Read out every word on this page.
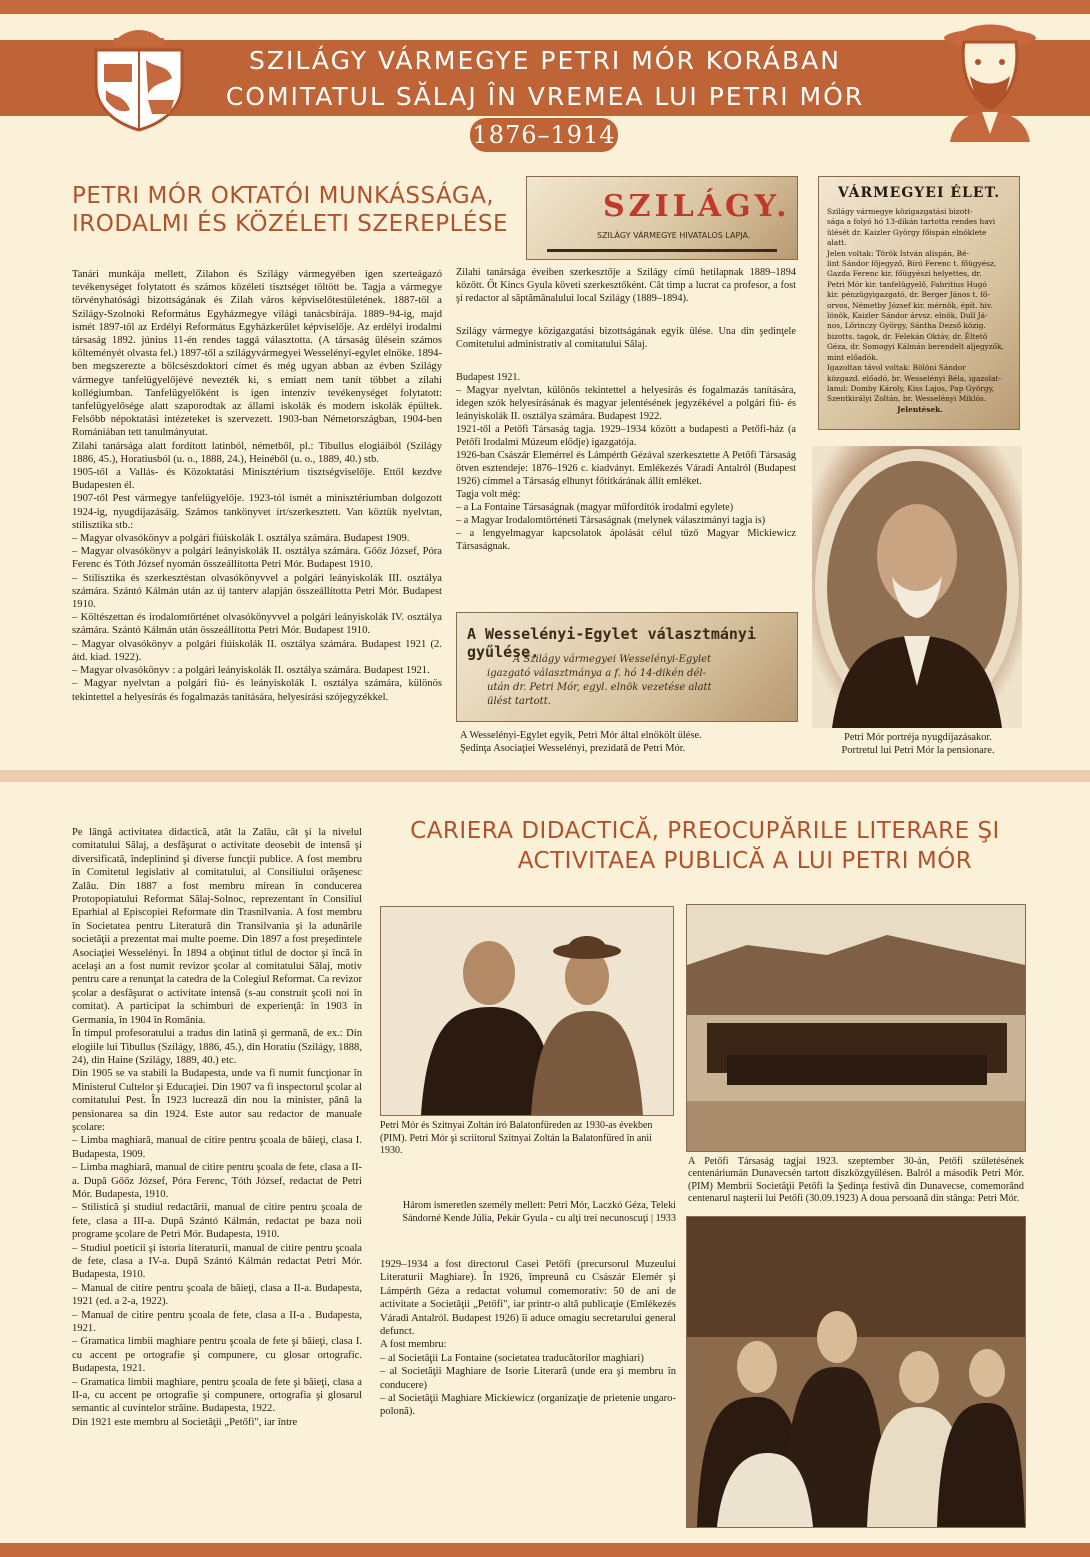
SZILÁGY VÁRMEGYE PETRI MÓR KORÁBAN
COMITATUL SĂLAJ ÎN VREMEA LUI PETRI MÓR
1876–1914
PETRI MÓR OKTATÓI MUNKÁSSÁGA,
IRODALMI ÉS KÖZÉLETI SZEREPLÉSE

Tanári munkája mellett, Zilahon és Szilágy vármegyében igen szerteágazó tevékenységet folytatott és számos közéleti tisztséget töltött be. Tagja a vármegye törvényhatósági bizottságának és Zilah város képviselőtestületének. 1887-től a Szilágy-Szolnoki Református Egyházmegye világi tanácsbírája. 1889–94-ig, majd ismét 1897-től az Erdélyi Református Egyházkerület képviselője. Az erdélyi irodalmi társaság 1892. június 11-én rendes taggá választotta. (A társaság ülésein számos költeményét olvasta fel.) 1897-től a szilágyvármegyei Wesselényi-egylet elnöke. 1894-ben megszerezte a bölcsészdoktori címet és még ugyan abban az évben Szilágy vármegye tanfelügyelőjévé nevezték ki, s emiatt nem tanít többet a zilahi kollégiumban. Tanfelügyelőként is igen intenzív tevékenységet folytatott: tanfelügyelősége alatt szaporodtak az állami iskolák és modern iskolák épültek. Felsőbb népoktatási intézeteket is szervezett. 1903-ban Németországban, 1904-ben Romániában tett tanulmányutat.

Zilahi tanársága alatt fordított latinból, németből, pl.: Tibullus elogiáiból (Szilágy 1886, 45.), Horatiusból (u. o., 1888, 24.), Heinéből (u. o., 1889, 40.) stb.

1905-től a Vallás- és Közoktatási Minisztérium tisztségviselője. Ettől kezdve Budapesten él.

1907-től Pest vármegye tanfelügyelője. 1923-tól ismét a minisztériumban dolgozott 1924-ig, nyugdíjazásáig. Számos tankönyvet írt/szerkesztett. Van köztük nyelvtan, stilisztika stb.:

– Magyar olvasókönyv a polgári fiúiskolák I. osztálya számára. Budapest 1909.

– Magyar olvasókönyv a polgári leányiskolák II. osztálya számára. Gőőz József, Póra Ferenc és Tóth József nyomán összeállította Petri Mór. Budapest 1910.

– Stilisztika és szerkesztéstan olvasókönyvvel a polgári leányiskolák III. osztálya számára. Szántó Kálmán után az új tanterv alapján összeállította Petri Mór. Budapest 1910.

– Költészettan és irodalomtörténet olvasókönyvvel a polgári leányiskolák IV. osztálya számára. Szántó Kálmán után összeállította Petri Mór. Budapest 1910.

– Magyar olvasókönyv a polgári fiúiskolák II. osztálya számára. Budapest 1921 (2. átd. kiad. 1922).

– Magyar olvasókönyv : a polgári leányiskolák II. osztálya számára. Budapest 1921.

– Magyar nyelvtan a polgári fiú- és leányiskolák I. osztálya számára, különös tekintettel a helyesírás és fogalmazás tanítására, helyesírási szójegyzékkel.

SZILÁGY.
SZILÁGY VÁRMEGYE HIVATALOS LAPJA.

Zilahi tanársága éveiben szerkesztője a Szilágy című hetilapnak 1889–1894 között. Őt Kincs Gyula követi szerkesztőként. Cât timp a lucrat ca profesor, a fost şi redactor al săptămânalului local Szilágy (1889–1894).

Szilágy vármegye közigazgatási bizottságának egyik ülése. Una din şedinţele Comitetului administrativ al comitatului Sălaj.

Budapest 1921.

– Magyar nyelvtan, különös tekintettel a helyesírás és fogalmazás tanítására, idegen szók helyesírásának és magyar jelentésének jegyzékével a polgári fiú- és leányiskolák II. osztálya számára. Budapest 1922.

1921-től a Petőfi Társaság tagja. 1929–1934 között a budapesti a Petőfi-ház (a Petőfi Irodalmi Múzeum elődje) igazgatója.

1926-ban Császár Elemérrel és Lámpérth Gézával szerkesztette A Petőfi Társaság ötven esztendeje: 1876–1926 c. kiadványt. Emlékezés Váradi Antalról (Budapest 1926) címmel a Társaság elhunyt főtitkárának állít emléket.

Tagja volt még:

– a La Fontaine Társaságnak (magyar műfordítók irodalmi egylete)

– a Magyar Irodalomtörténeti Társaságnak (melynek választmányi tagja is)

– a lengyelmagyar kapcsolatok ápolását célul tűző Magyar Mickiewicz Társaságnak.

VÁRMEGYEI ÉLET.
Szilágy vármegye közigazgatási bizott-
sága a folyó hó 13-dikán tartotta rendes havi
ülését dr. Kaizler György főispán elnöklete
alatt.
Jelen voltak: Török István alispán, Bé-
lint Sándor főjegyző, Bíró Ferenc t. főügyész,
Gazda Ferenc kir. főügyészi helyettes, dr.
Petri Mór kir. tanfelügyelő, Fabritius Hugó
kir. pénzügyigazgató, dr. Berger János t. fő-
orvos, Németby József kir. mérnök, épít. hiv.
lönök, Kaizler Sándor árvsz. elnök, Dull Já-
nos, Lőrinczy György, Sántha Dezső közig.
bizotts. tagok, dr. Felekán Oktáv, dr. Éltető
Géza, dr. Somogyi Kálmán berendelt aljegyzők,
mint előadók.
Igazoltan távol voltak: Bölöni Sándor
közgazd. előadó, br. Wesselényi Béla, igazolat-
lanul: Domby Károly, Kiss Lajos, Pap György,
Szentkirályi Zoltán, br. Wesselényi Miklós.
Jelentések.
Petri Mór portréja nyugdíjazásakor.
Portretul lui Petri Mór la pensionare.
A Wesselényi-Egylet választmányi gyűlése.
A Szilágy vármegyei Wesselényi-Egylet
igazgató választmánya a f. hó 14-dikén dél-
után dr. Petri Mór, egyl. elnök vezetése alatt
ülést tartott.
A Wesselényi-Egylet egyik, Petri Mór által elnökölt ülése.
Şedinţa Asociaţiei Wesselényi, prezidată de Petri Mór.
CARIERA DIDACTICĂ, PREOCUPĂRILE LITERARE ŞI
ACTIVITAEA PUBLICĂ A LUI PETRI MÓR

Pe lângă activitatea didactică, atât la Zalău, cât şi la nivelul comitatului Sălaj, a desfăşurat o activitate deosebit de intensă şi diversificată, îndeplinind şi diverse funcţii publice. A fost membru în Comitetul legislativ al comitatului, al Consiliului orăşenesc Zalău. Din 1887 a fost membru mirean în conducerea Protopopiatului Reformat Sălaj-Solnoc, reprezentant în Consiliul Eparhial al Episcopiei Reformate din Trasnilvania. A fost membru în Societatea pentru Literatură din Transilvania şi la adunările societăţii a prezentat mai multe poeme. Din 1897 a fost preşedintele Asociaţiei Wesselényi. În 1894 a obţinut titlul de doctor şi încă în acelaşi an a fost numit revizor şcolar al comitatului Sălaj, motiv pentru care a renunţat la catedra de la Colegiul Reformat. Ca revizor şcolar a desfăşurat o activitate intensă (s-au construit şcoli noi în comitat). A participat la schimburi de experienţă: în 1903 în Germania, în 1904 în România.

În timpul profesoratului a tradus din latină şi germană, de ex.: Din elogiile lui Tibullus (Szilágy, 1886, 45.), din Horatiu (Szilágy, 1888, 24), din Haine (Szilágy, 1889, 40.) etc.

Din 1905 se va stabili la Budapesta, unde va fi numit funcţionar în Ministerul Cultelor şi Educaţiei. Din 1907 va fi inspectorul şcolar al comitatului Pest. În 1923 lucrează din nou la minister, până la pensionarea sa din 1924. Este autor sau redactor de manuale şcolare:

– Limba maghiară, manual de citire pentru şcoala de băieţi, clasa I. Budapesta, 1909.

– Limba maghiară, manual de citire pentru şcoala de fete, clasa a II-a. După Gőőz József, Póra Ferenc, Tóth József, redactat de Petri Mór. Budapesta, 1910.

– Stilistică şi studiul redactării, manual de citire pentru şcoala de fete, clasa a III-a. După Szántó Kálmán, redactat pe baza noii programe şcolare de Petri Mór. Budapesta, 1910.

– Studiul poeticii şi istoria literaturii, manual de citire pentru şcoala de fete, clasa a IV-a. După Szántó Kálmán redactat Petri Mór. Budapesta, 1910.

– Manual de citire pentru şcoala de băieţi, clasa a II-a. Budapesta, 1921 (ed. a 2-a, 1922).

– Manual de citire pentru şcoala de fete, clasa a II-a . Budapesta, 1921.

– Gramatica limbii maghiare pentru şcoala de fete şi băieţi, clasa I. cu accent pe ortografie şi compunere, cu glosar ortografic. Budapesta, 1921.

– Gramatica limbii maghiare, pentru şcoala de fete şi băieţi, clasa a II-a, cu accent pe ortografie şi compunere, ortografia şi glosarul semantic al cuvintelor străine. Budapesta, 1922.

Din 1921 este membru al Societăţii „Petőfi", iar între

Petri Mór és Szitnyai Zoltán író Balatonfüreden az 1930-as években (PIM). Petri Mór şi scriitorul Szitnyai Zoltán la Balatonfüred în anii 1930.
Három ismeretlen személy mellett: Petri Mór, Laczkó Géza, Teleki Sándorné Kende Júlia, Pekár Gyula - cu alţi trei necunoscuţi | 1933

1929–1934 a fost directorul Casei Petőfi (precursorul Muzeului Literaturii Maghiare). În 1926, împreună cu Császár Elemér şi Lámpérth Géza a redactat volumul comemorativ: 50 de ani de activitate a Societăţii „Petőfi", iar printr-o altă publicaţie (Emlékezés Váradi Antalról. Budapest 1926) îi aduce omagiu secretarului general defunct.

A fost membru:

– al Societăţii La Fontaine (societatea traducătorilor maghiari)

– al Societăţii Maghiare de Isorie Literară (unde era şi membru în conducere)

– al Societăţii Maghiare Mickiewicz (organizaţie de prietenie ungaro-polonă).

A Petőfi Társaság tagjai 1923. szeptember 30-án, Petőfi születésének centenáriumán Dunavecsén tartott diszközgyűlésen. Balról a második Petri Mór. (PIM) Membrii Societăţii Petőfi la Şedinţa festivă din Dunavecse, comemorând centenarul naşterii lui Petőfi (30.09.1923) A doua persoană din stânga: Petri Mór.
